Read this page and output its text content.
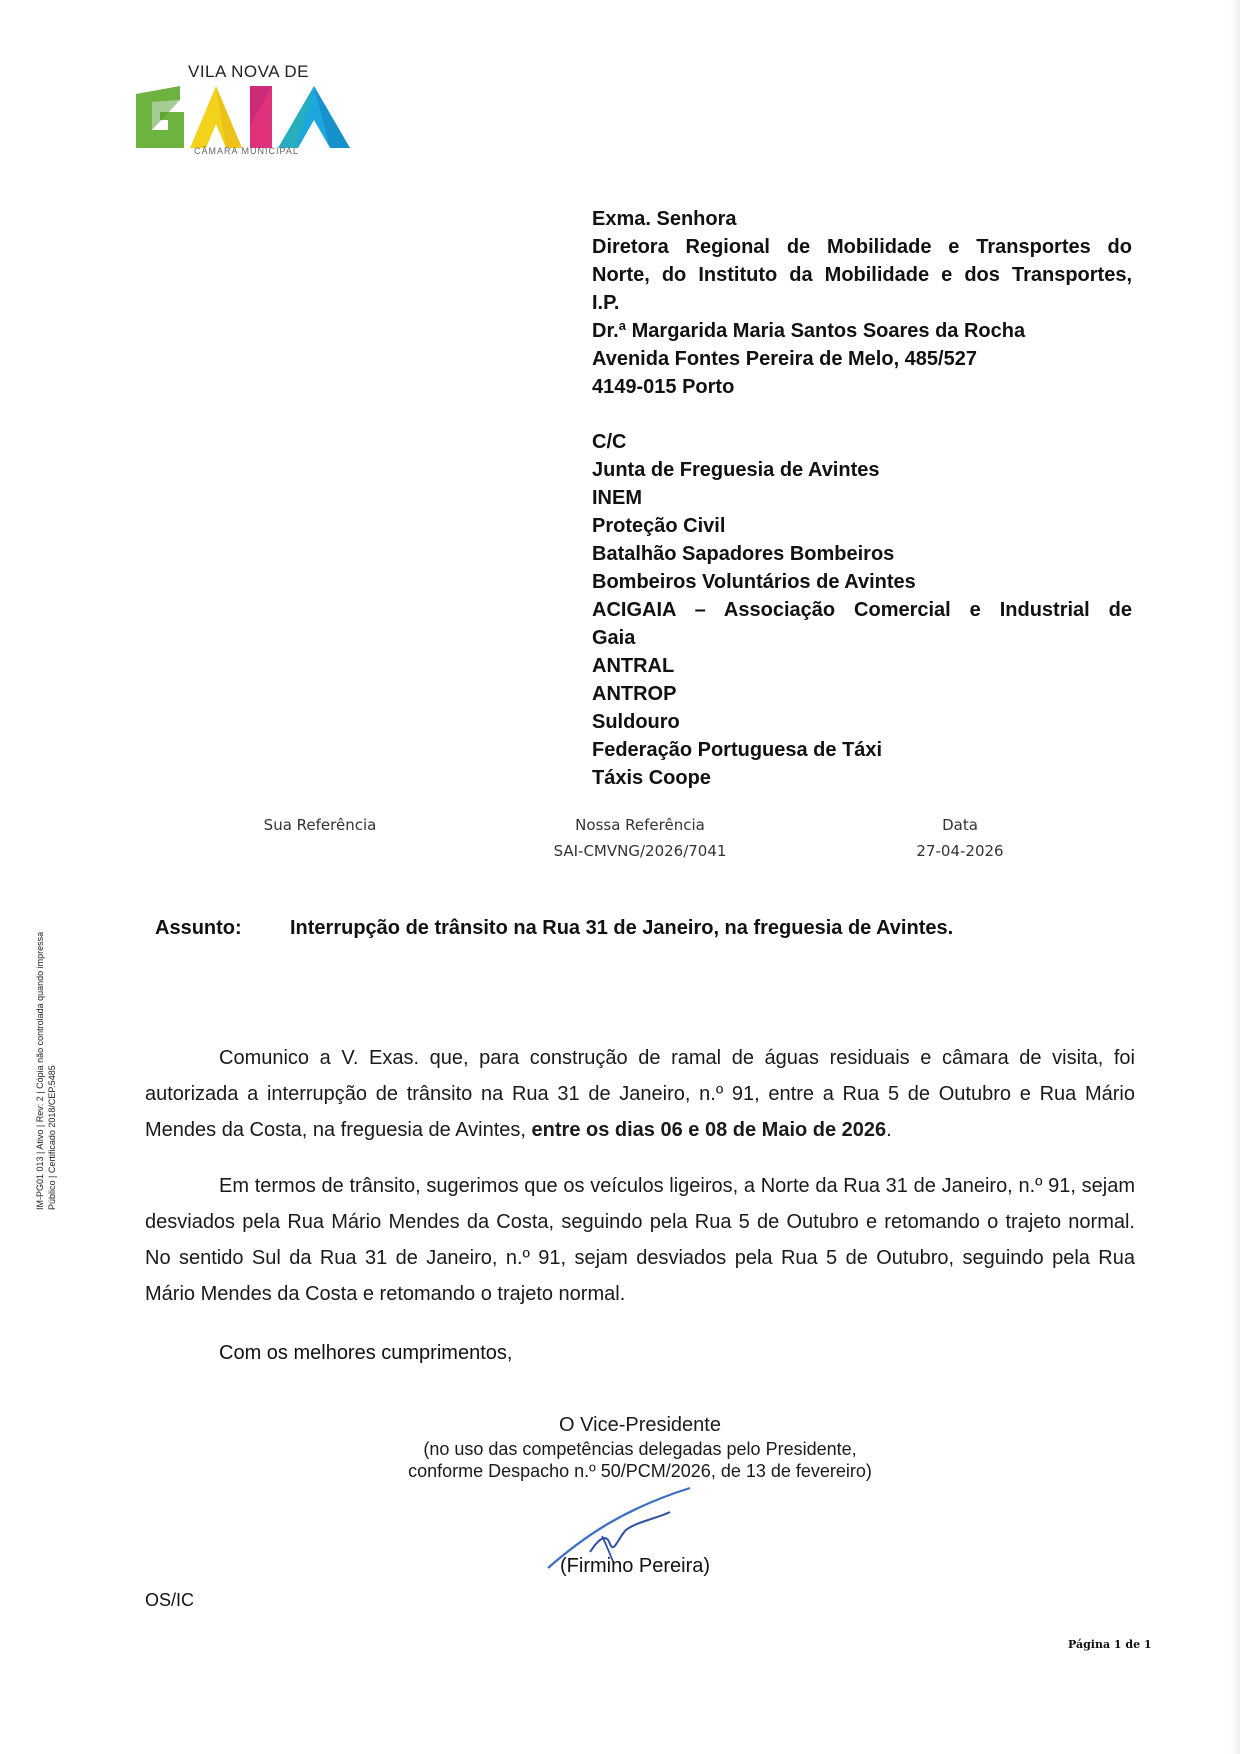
VILA NOVA DE
CÂMARA MUNICIPAL
Exma. Senhora
Diretora Regional de Mobilidade e Transportes do
Norte, do Instituto da Mobilidade e dos Transportes,
I.P.
Dr.ª Margarida Maria Santos Soares da Rocha
Avenida Fontes Pereira de Melo, 485/527
4149-015 Porto
C/C
Junta de Freguesia de Avintes
INEM
Proteção Civil
Batalhão Sapadores Bombeiros
Bombeiros Voluntários de Avintes
ACIGAIA – Associação Comercial e Industrial de
Gaia
ANTRAL
ANTROP
Suldouro
Federação Portuguesa de Táxi
Táxis Coope
Sua Referência	Nossa Referência
SAI-CMVNG/2026/7041
Data
27-04-2026
Assunto: Interrupção de trânsito na Rua 31 de Janeiro, na freguesia de Avintes.

Comunico a V. Exas. que, para construção de ramal de águas residuais e câmara de visita, foi autorizada a interrupção de trânsito na Rua 31 de Janeiro, n.º 91, entre a Rua 5 de Outubro e Rua Mário Mendes da Costa, na freguesia de Avintes, entre os dias 06 e 08 de Maio de 2026.

Em termos de trânsito, sugerimos que os veículos ligeiros, a Norte da Rua 31 de Janeiro, n.º 91, sejam desviados pela Rua Mário Mendes da Costa, seguindo pela Rua 5 de Outubro e retomando o trajeto normal. No sentido Sul da Rua 31 de Janeiro, n.º 91, sejam desviados pela Rua 5 de Outubro, seguindo pela Rua Mário Mendes da Costa e retomando o trajeto normal.

Com os melhores cumprimentos,
O Vice-Presidente
(no uso das competências delegadas pelo Presidente,
conforme Despacho n.º 50/PCM/2026, de 13 de fevereiro)
(Firmino Pereira)
OS/IC
Página 1 de 1
IM-PG01 013 | Ativo | Rev: 2 | Cópia não controlada quando impressa Público | Certificado 2018/CEP.5485
